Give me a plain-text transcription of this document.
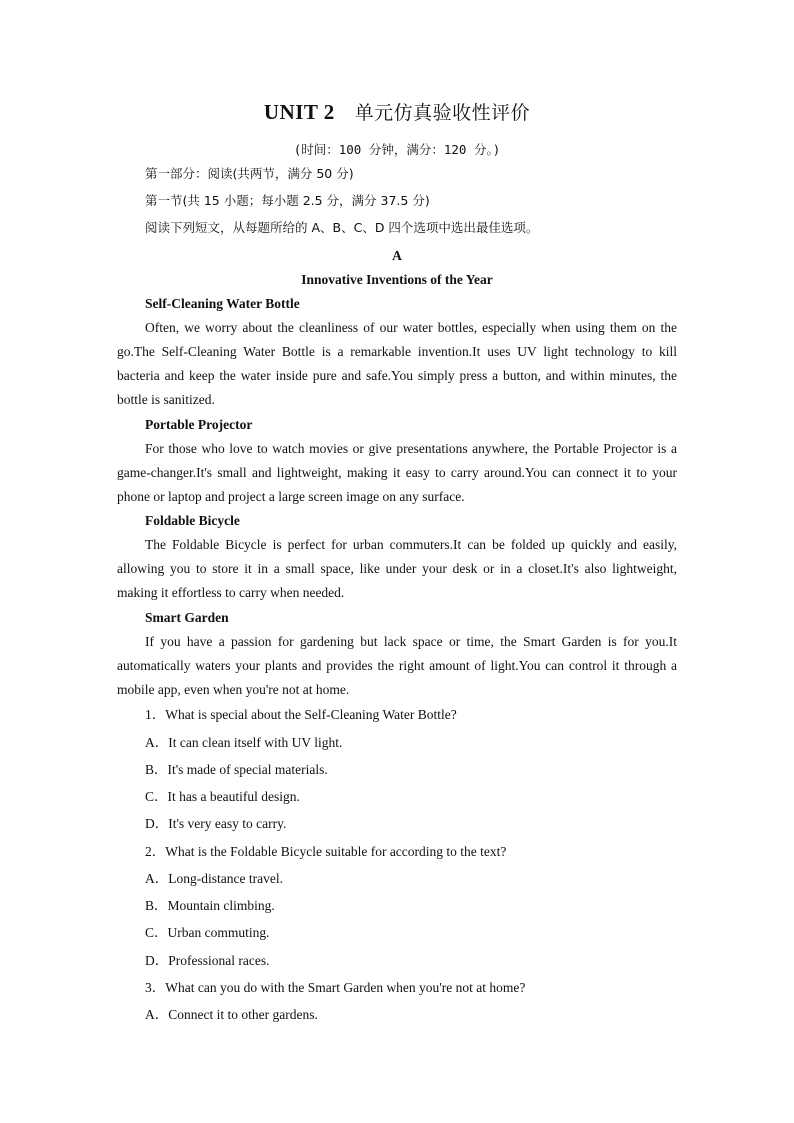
UNIT 2 单元仿真验收性评价
(时间：100 分钟，满分：120 分。)
第一部分：阅读(共两节，满分 50 分)
第一节(共 15 小题；每小题 2.5 分，满分 37.5 分)
阅读下列短文，从每题所给的 A、B、C、D 四个选项中选出最佳选项。
A
Innovative Inventions of the Year
Self-Cleaning Water Bottle
Often, we worry about the cleanliness of our water bottles, especially when using them on the go.The Self-Cleaning Water Bottle is a remarkable invention.It uses UV light technology to kill bacteria and keep the water inside pure and safe.You simply press a button, and within minutes, the bottle is sanitized.
Portable Projector
For those who love to watch movies or give presentations anywhere, the Portable Projector is a game-changer.It's small and lightweight, making it easy to carry around.You can connect it to your phone or laptop and project a large screen image on any surface.
Foldable Bicycle
The Foldable Bicycle is perfect for urban commuters.It can be folded up quickly and easily, allowing you to store it in a small space, like under your desk or in a closet.It's also lightweight, making it effortless to carry when needed.
Smart Garden
If you have a passion for gardening but lack space or time, the Smart Garden is for you.It automatically waters your plants and provides the right amount of light.You can control it through a mobile app, even when you're not at home.
1．What is special about the Self-Cleaning Water Bottle?
A．It can clean itself with UV light.
B．It's made of special materials.
C．It has a beautiful design.
D．It's very easy to carry.
2．What is the Foldable Bicycle suitable for according to the text?
A．Long-distance travel.
B．Mountain climbing.
C．Urban commuting.
D．Professional races.
3．What can you do with the Smart Garden when you're not at home?
A．Connect it to other gardens.
